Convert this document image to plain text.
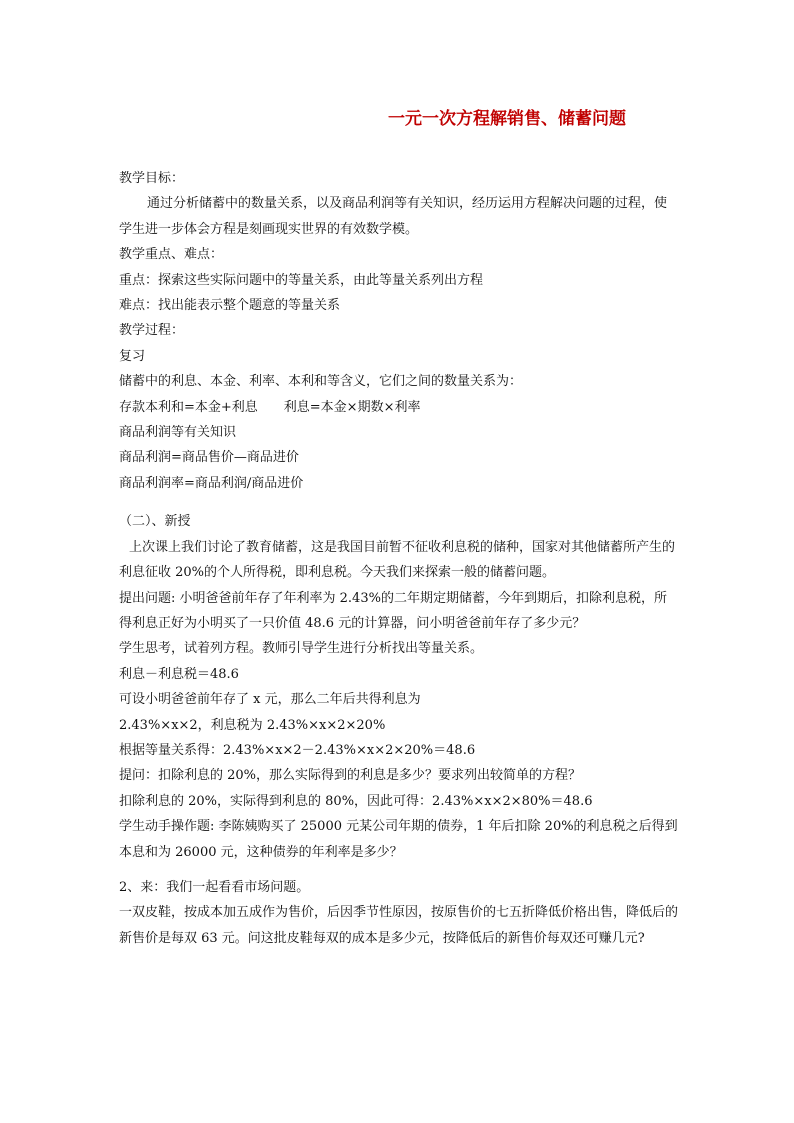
一元一次方程解销售、储蓄问题

教学目标：

通过分析储蓄中的数量关系，以及商品利润等有关知识，经历运用方程解决问题的过程，使学生进一步体会方程是刻画现实世界的有效数学模。

教学重点、难点：

重点：探索这些实际问题中的等量关系，由此等量关系列出方程

难点：找出能表示整个题意的等量关系

教学过程：

复习

储蓄中的利息、本金、利率、本利和等含义，它们之间的数量关系为：

存款本利和=本金+利息　　利息=本金×期数×利率

商品利润等有关知识

商品利润=商品售价—商品进价

商品利润率=商品利润/商品进价

（二）、新授

上次课上我们讨论了教育储蓄，这是我国目前暂不征收利息税的储种，国家对其他储蓄所产生的利息征收 20%的个人所得税，即利息税。今天我们来探索一般的储蓄问题。

提出问题: 小明爸爸前年存了年利率为 2.43%的二年期定期储蓄，今年到期后，扣除利息税，所得利息正好为小明买了一只价值 48.6 元的计算器，问小明爸爸前年存了多少元？

学生思考，试着列方程。教师引导学生进行分析找出等量关系。

利息－利息税＝48.6

可设小明爸爸前年存了 x 元，那么二年后共得利息为

2.43%×x×2，利息税为 2.43%×x×2×20%

根据等量关系得：2.43%×x×2－2.43%×x×2×20%＝48.6

提问：扣除利息的 20%，那么实际得到的利息是多少？要求列出较简单的方程？

扣除利息的 20%，实际得到利息的 80%，因此可得：2.43%×x×2×80%＝48.6

学生动手操作题: 李陈姨购买了 25000 元某公司年期的债券，1 年后扣除 20%的利息税之后得到本息和为 26000 元，这种债券的年利率是多少？

2、来：我们一起看看市场问题。

一双皮鞋，按成本加五成作为售价，后因季节性原因，按原售价的七五折降低价格出售，降低后的新售价是每双 63 元。问这批皮鞋每双的成本是多少元，按降低后的新售价每双还可赚几元?
